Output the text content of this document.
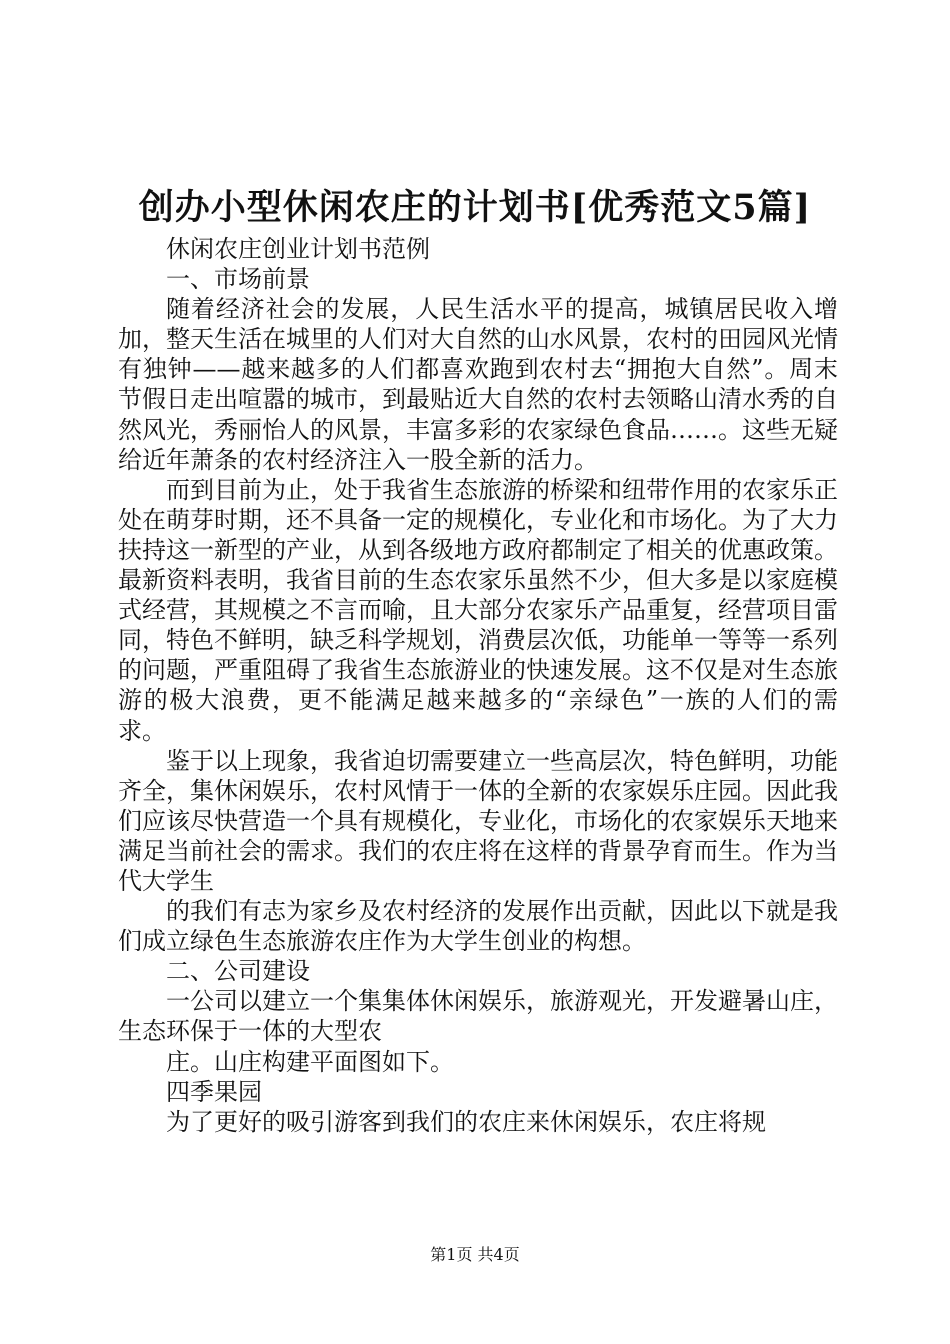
创办小型休闲农庄的计划书[优秀范文5篇]

休闲农庄创业计划书范例

一、市场前景

随着经济社会的发展，人民生活水平的提高，城镇居民收入增加，整天生活在城里的人们对大自然的山水风景，农村的田园风光情有独钟——越来越多的人们都喜欢跑到农村去“拥抱大自然”。周末节假日走出喧嚣的城市，到最贴近大自然的农村去领略山清水秀的自然风光，秀丽怡人的风景，丰富多彩的农家绿色食品……。这些无疑给近年萧条的农村经济注入一股全新的活力。

而到目前为止，处于我省生态旅游的桥梁和纽带作用的农家乐正处在萌芽时期，还不具备一定的规模化，专业化和市场化。为了大力扶持这一新型的产业，从到各级地方政府都制定了相关的优惠政策。最新资料表明，我省目前的生态农家乐虽然不少，但大多是以家庭模式经营，其规模之不言而喻，且大部分农家乐产品重复，经营项目雷同，特色不鲜明，缺乏科学规划，消费层次低，功能单一等等一系列的问题，严重阻碍了我省生态旅游业的快速发展。这不仅是对生态旅游的极大浪费，更不能满足越来越多的“亲绿色”一族的人们的需求。

鉴于以上现象，我省迫切需要建立一些高层次，特色鲜明，功能齐全，集休闲娱乐，农村风情于一体的全新的农家娱乐庄园。因此我们应该尽快营造一个具有规模化，专业化，市场化的农家娱乐天地来满足当前社会的需求。我们的农庄将在这样的背景孕育而生。作为当代大学生

的我们有志为家乡及农村经济的发展作出贡献，因此以下就是我们成立绿色生态旅游农庄作为大学生创业的构想。

二、公司建设

一公司以建立一个集集体休闲娱乐，旅游观光，开发避暑山庄，生态环保于一体的大型农

庄。山庄构建平面图如下。

四季果园

为了更好的吸引游客到我们的农庄来休闲娱乐，农庄将规

第1页 共4页
